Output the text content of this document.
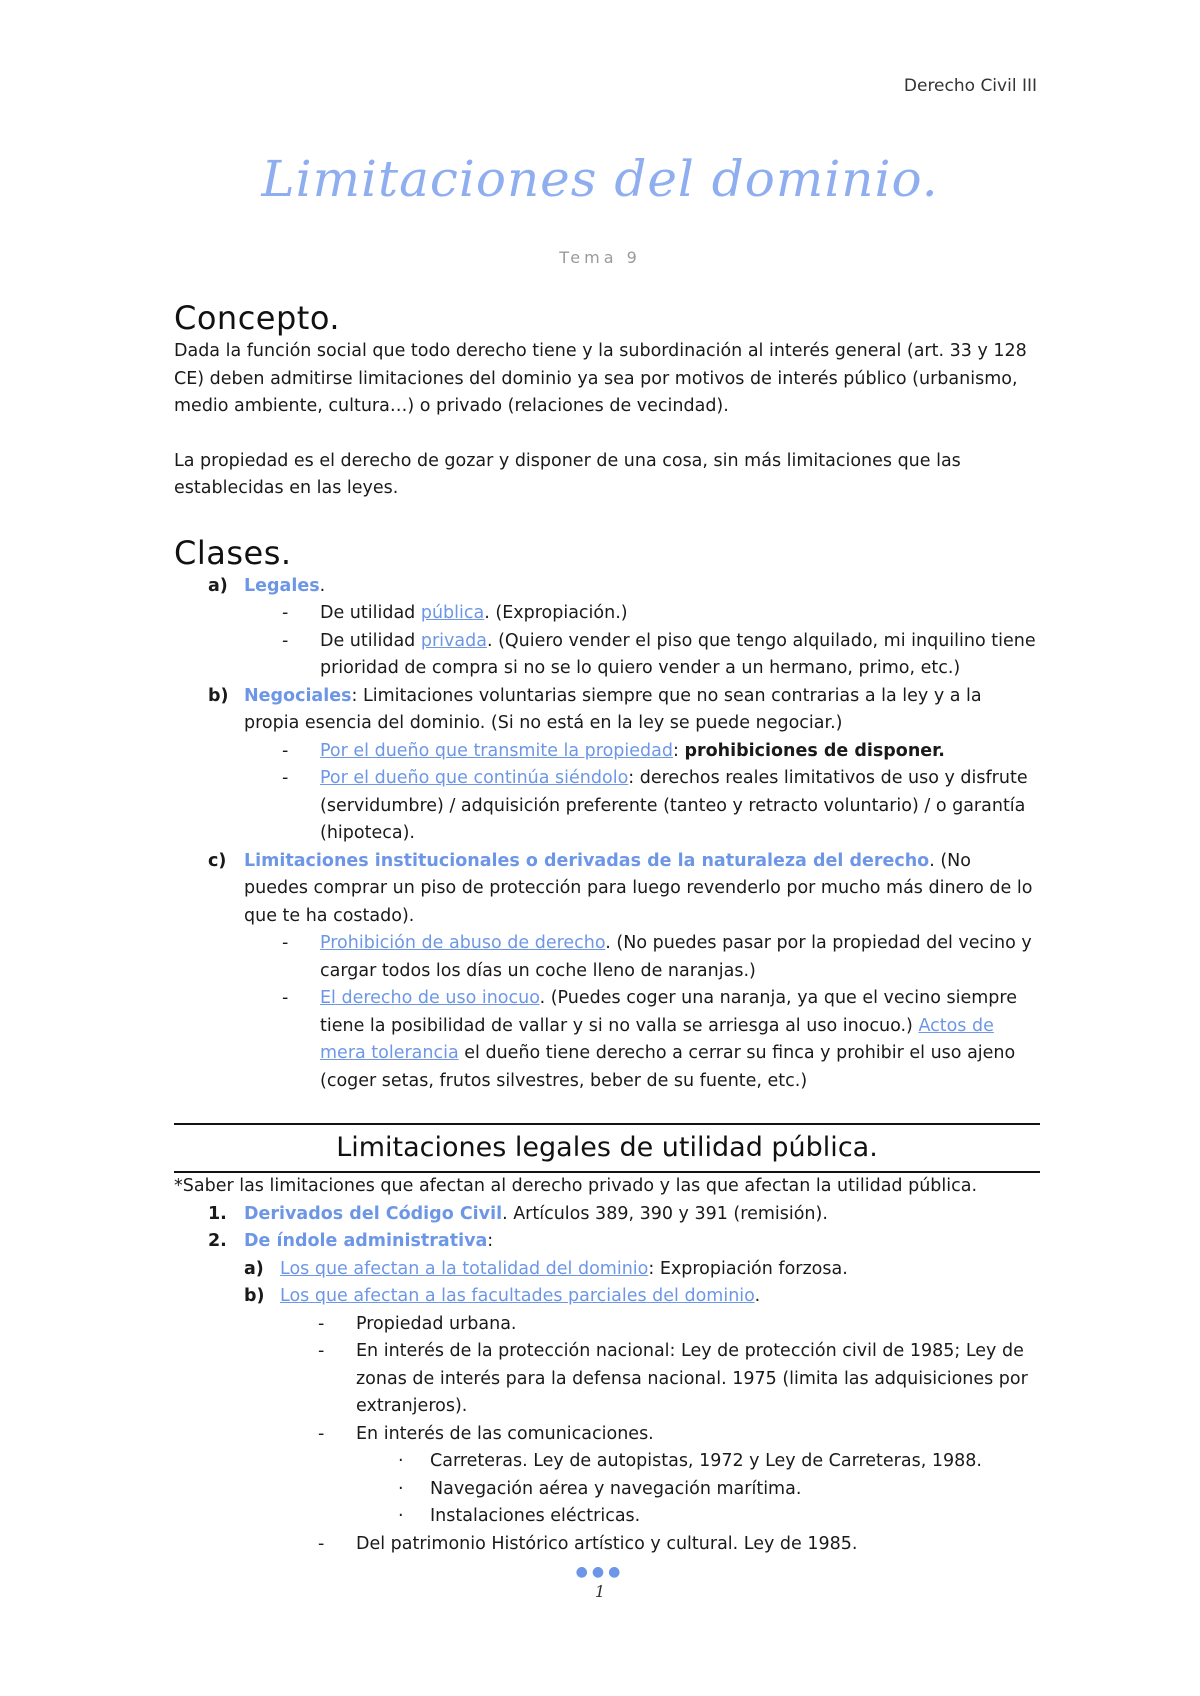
Derecho Civil III
Limitaciones del dominio.
Tema 9
Concepto.

Dada la función social que todo derecho tiene y la subordinación al interés general (art. 33 y 128 CE) deben admitirse limitaciones del dominio ya sea por motivos de interés público (urbanismo, medio ambiente, cultura…) o privado (relaciones de vecindad).

La propiedad es el derecho de gozar y disponer de una cosa, sin más limitaciones que las establecidas en las leyes.

Clases.
a) Legales.
- De utilidad pública. (Expropiación.)
- De utilidad privada. (Quiero vender el piso que tengo alquilado, mi inquilino tiene prioridad de compra si no se lo quiero vender a un hermano, primo, etc.)
b) Negociales: Limitaciones voluntarias siempre que no sean contrarias a la ley y a la propia esencia del dominio. (Si no está en la ley se puede negociar.)
- Por el dueño que transmite la propiedad: prohibiciones de disponer.
- Por el dueño que continúa siéndolo: derechos reales limitativos de uso y disfrute (servidumbre) / adquisición preferente (tanteo y retracto voluntario) / o garantía (hipoteca).
c) Limitaciones institucionales o derivadas de la naturaleza del derecho. (No puedes comprar un piso de protección para luego revenderlo por mucho más dinero de lo que te ha costado).
- Prohibición de abuso de derecho. (No puedes pasar por la propiedad del vecino y cargar todos los días un coche lleno de naranjas.)
- El derecho de uso inocuo. (Puedes coger una naranja, ya que el vecino siempre tiene la posibilidad de vallar y si no valla se arriesga al uso inocuo.) Actos de mera tolerancia el dueño tiene derecho a cerrar su finca y prohibir el uso ajeno (coger setas, frutos silvestres, beber de su fuente, etc.)
Limitaciones legales de utilidad pública.

*Saber las limitaciones que afectan al derecho privado y las que afectan la utilidad pública.

1. Derivados del Código Civil. Artículos 389, 390 y 391 (remisión).
2. De índole administrativa:
a) Los que afectan a la totalidad del dominio: Expropiación forzosa.
b) Los que afectan a las facultades parciales del dominio.
- Propiedad urbana.
- En interés de la protección nacional: Ley de protección civil de 1985; Ley de zonas de interés para la defensa nacional. 1975 (limita las adquisiciones por extranjeros).
- En interés de las comunicaciones.
· Carreteras. Ley de autopistas, 1972 y Ley de Carreteras, 1988.
· Navegación aérea y navegación marítima.
· Instalaciones eléctricas.
- Del patrimonio Histórico artístico y cultural. Ley de 1985.
●●●
1
